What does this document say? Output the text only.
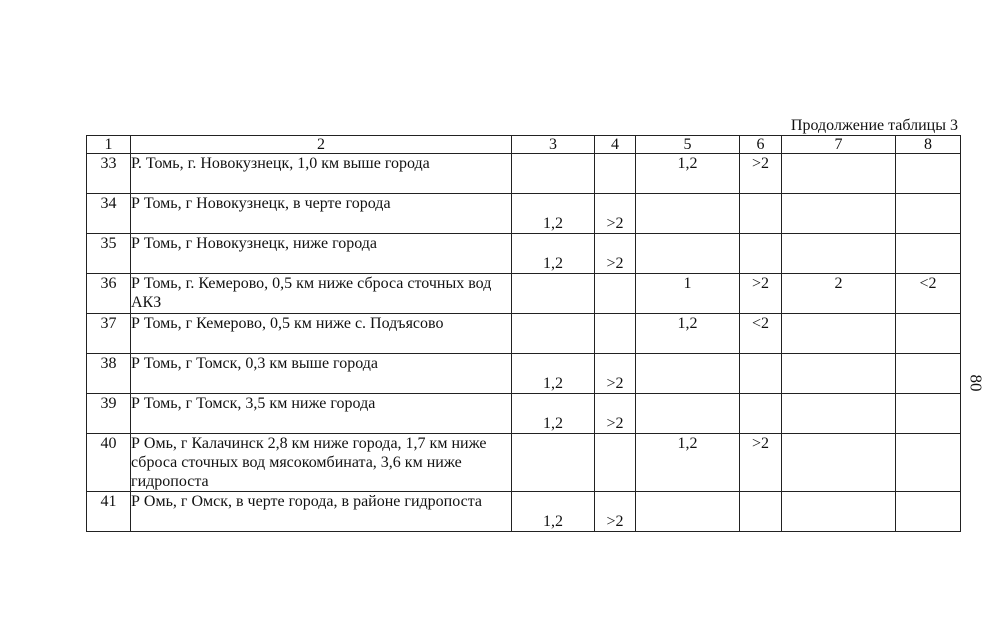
Продолжение таблицы 3
1	2	3	4	5	6	7	8
33	Р. Томь, г. Новокузнецк, 1,0 км выше города			1,2	>2		
34	Р Томь, г Новокузнецк, в черте города	1,2	>2				
35	Р Томь, г Новокузнецк, ниже города	1,2	>2				
36	Р Томь, г. Кемерово, 0,5 км ниже сброса сточных вод АКЗ			1	>2	2	<2
37	Р Томь, г Кемерово, 0,5 км ниже с. Подъясово			1,2	<2		
38	Р Томь, г Томск, 0,3 км выше города	1,2	>2				
39	Р Томь, г Томск, 3,5 км ниже города	1,2	>2				
40	Р Омь, г Калачинск 2,8 км ниже города, 1,7 км ниже сброса сточных вод мясокомбината, 3,6 км ниже гидропоста			1,2	>2		
41	Р Омь, г Омск, в черте города, в районе гидропоста	1,2	>2				
80
